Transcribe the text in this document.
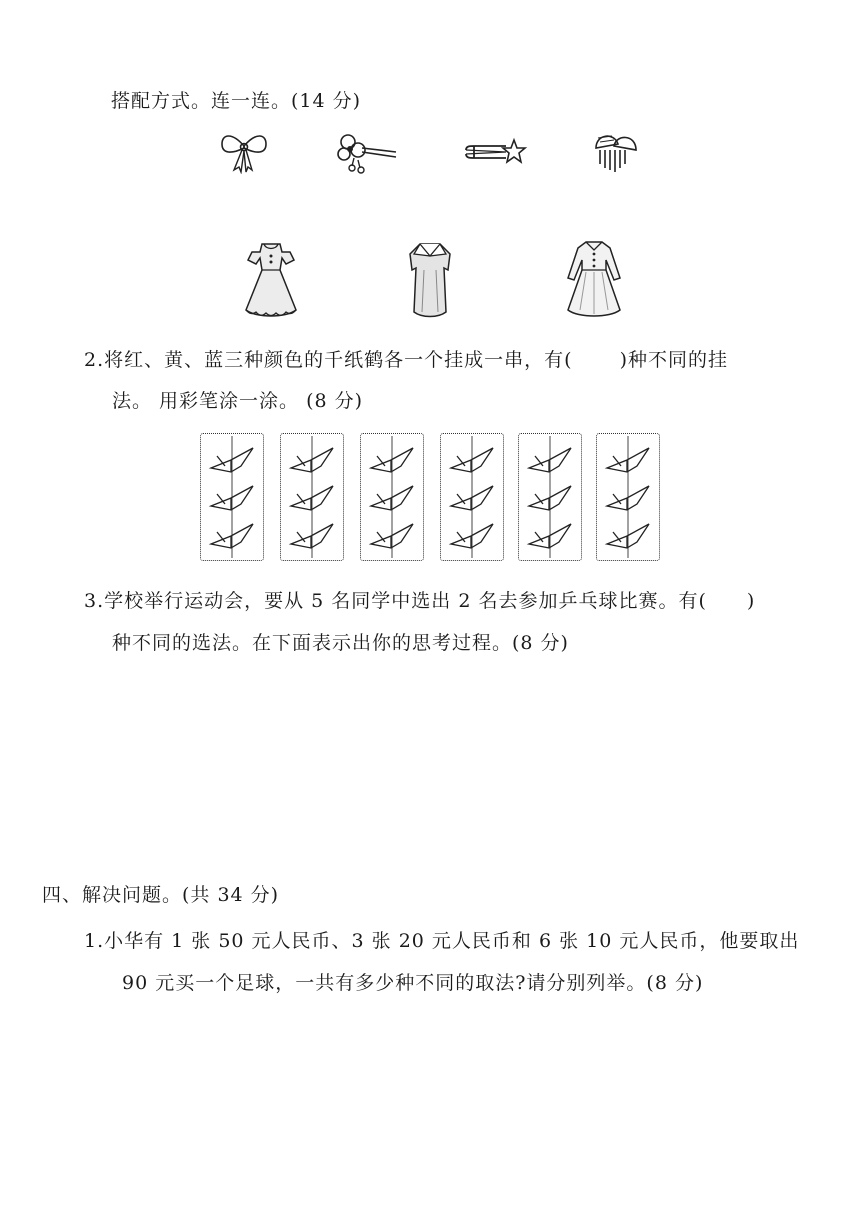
搭配方式。连一连。(14 分)
2.将红、黄、蓝三种颜色的千纸鹤各一个挂成一串，有(　　 )种不同的挂
法。 用彩笔涂一涂。 (8 分)
3.学校举行运动会，要从 5 名同学中选出 2 名去参加乒乓球比赛。有(　　)
种不同的选法。在下面表示出你的思考过程。(8 分)
四、解决问题。(共 34 分)
1.小华有 1 张 50 元人民币、3 张 20 元人民币和 6 张 10 元人民币，他要取出
90 元买一个足球，一共有多少种不同的取法?请分别列举。(8 分)
